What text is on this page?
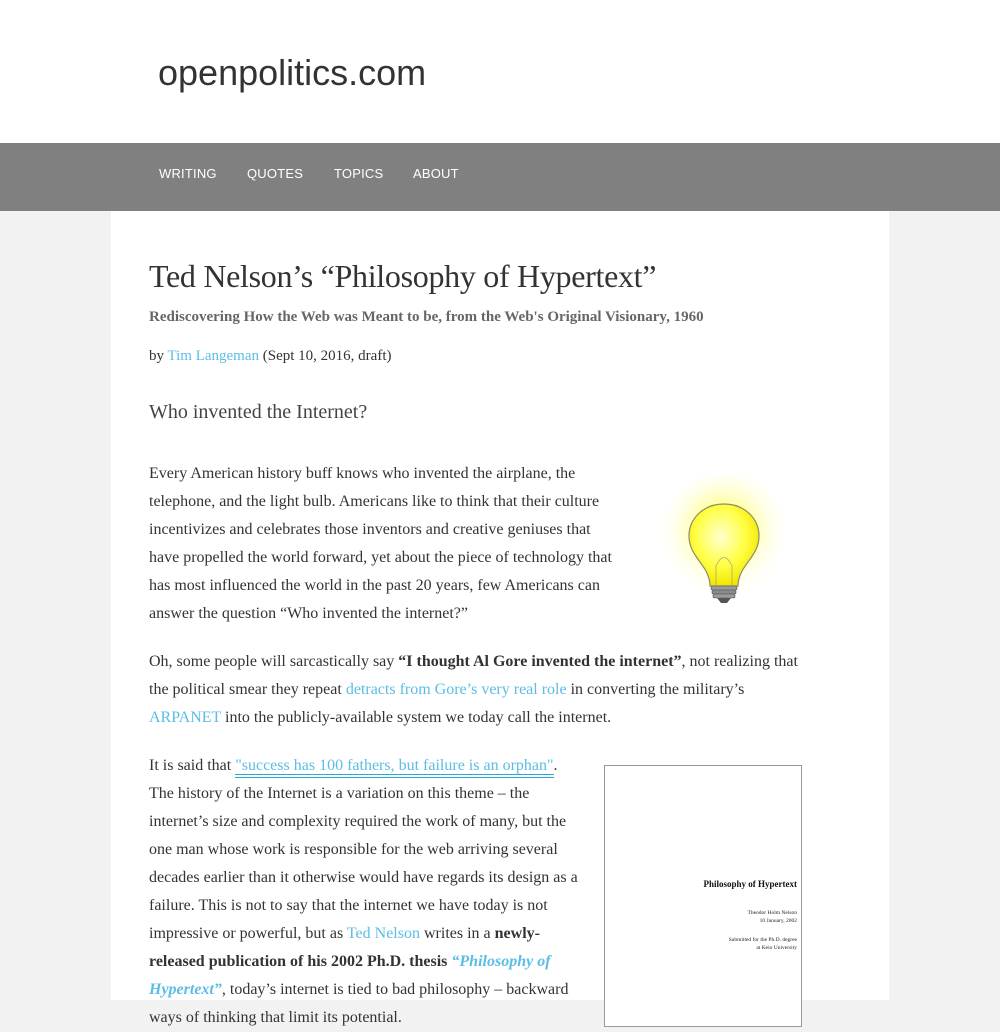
openpolitics.com
WRITING QUOTES TOPICS ABOUT
Ted Nelson’s “Philosophy of Hypertext”
Rediscovering How the Web was Meant to be, from the Web's Original Visionary, 1960
by Tim Langeman (Sept 10, 2016, draft)
Who invented the Internet?

Every American history buff knows who invented the airplane, the telephone, and the light bulb. Americans like to think that their culture incentivizes and celebrates those inventors and creative geniuses that have propelled the world forward, yet about the piece of technology that has most influenced the world in the past 20 years, few Americans can answer the question “Who invented the internet?”

Oh, some people will sarcastically say “I thought Al Gore invented the internet”, not realizing that the political smear they repeat detracts from Gore’s very real role in converting the military’s ARPANET into the publicly-available system we today call the internet.

It is said that "success has 100 fathers, but failure is an orphan". The history of the Internet is a variation on this theme – the internet’s size and complexity required the work of many, but the one man whose work is responsible for the web arriving several decades earlier than it otherwise would have regards its design as a failure. This is not to say that the internet we have today is not impressive or powerful, but as Ted Nelson writes in a newly-released publication of his 2002 Ph.D. thesis “Philosophy of Hypertext”, today’s internet is tied to bad philosophy – backward ways of thinking that limit its potential.

Philosophy of Hypertext
Theodor Holm Nelson
10 January, 2002
Submitted for the Ph.D. degree
at Keio University
